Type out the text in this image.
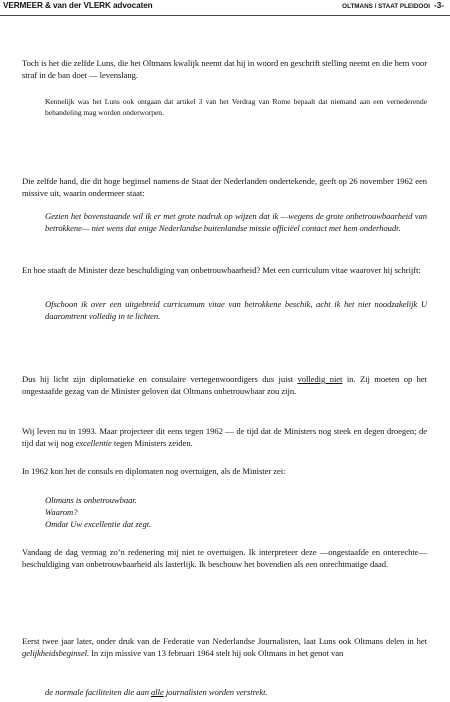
VERMEER & van der VLERK advocaten	OLTMANS / STAAT PLEIDOOI -3-

Toch is het die zelfde Luns, die het Oltmans kwalijk neemt dat hij in woord en geschrift stelling neemt en die hem voor straf in de ban doet — levenslang.

Kennelijk was het Luns ook ontgaan dat artikel 3 van het Verdrag van Rome bepaalt dat niemand aan een vernederende behandeling mag worden onderworpen.

Die zelfde hand, die dit hoge beginsel namens de Staat der Nederlanden ondertekende, geeft op 26 november 1962 een missive uit, waarin ondermeer staat:

Gezien het bovenstaande wil ik er met grote nadruk op wijzen dat ik —wegens de grote onbetrouwbaarheid van betrokkene— niet wens dat enige Nederlandse buitenlandse missie officiëel contact met hem onderhoudt.

En hoe staaft de Minister deze beschuldiging van onbetrouwbaarheid? Met een curriculum vitae waarover hij schrijft:

Ofschoon ik over een uitgebreid curricumum vitae van betrokkene beschik, acht ik het niet noodzakelijk U daaromtrent volledig in te lichten.

Dus hij licht zijn diplomatieke en consulaire vertegenwoordigers dus juist volledig niet in. Zij moeten op het ongestaafde gezag van de Minister geloven dat Oltmans onbetrouwbaar zou zijn.

Wij leven nu in 1993. Maar projecteer dit eens tegen 1962 — de tijd dat de Ministers nog steek en degen droegen; de tijd dat wij nog excellentie tegen Ministers zeiden.

In 1962 kon het de consuls en diplomaten nog overtuigen, als de Minister zei:

Oltmans is onbetrouwbaar.
Waarom?
Omdat Uw excellentie dat zegt.

Vandaag de dag vermag zo’n redenering mij niet te overtuigen. Ik interpreteer deze —ongestaafde en onterechte— beschuldiging van onbetrouwbaarheid als lasterlijk. Ik beschouw het bovendien als een onrechtmatige daad.

Eerst twee jaar later, onder druk van de Federatie van Nederlandse Journalisten, laat Luns ook Oltmans delen in het gelijkheidsbeginsel. In zijn missive van 13 februari 1964 stelt hij ook Oltmans in het genot van

de normale faciliteiten die aan alle journalisten worden verstrekt.
